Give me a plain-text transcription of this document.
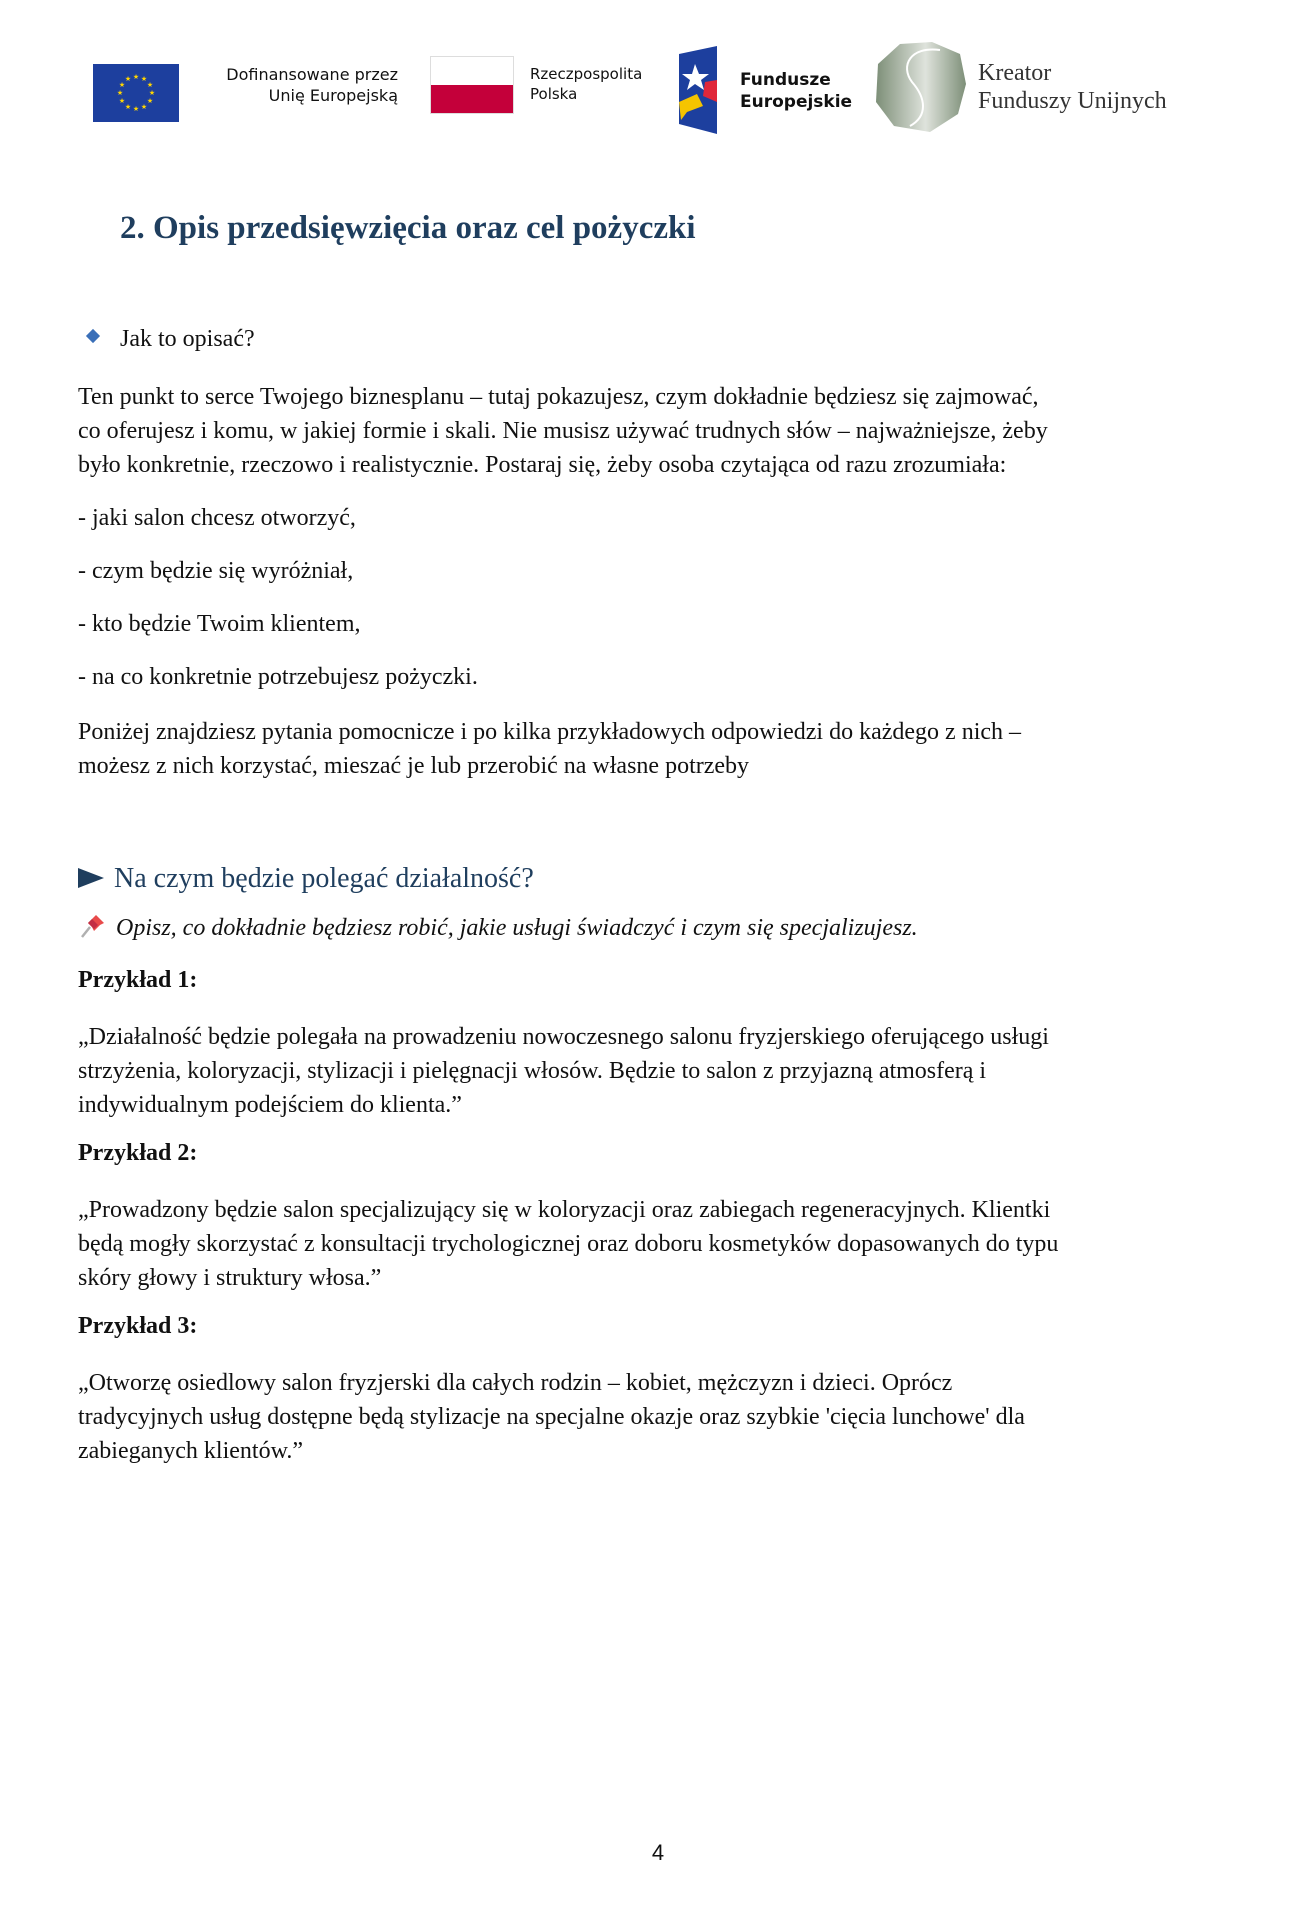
★ ★
★
★
★
★
★
★
★
★
★
★	Dofinansowane przez
Unię Europejską
Rzeczpospolita
Polska
Fundusze
Europejskie
Kreator
Funduszy Unijnych
2. Opis przedsięwzięcia oraz cel pożyczki
Jak to opisać?
Ten punkt to serce Twojego biznesplanu – tutaj pokazujesz, czym dokładnie będziesz się zajmować,
co oferujesz i komu, w jakiej formie i skali. Nie musisz używać trudnych słów – najważniejsze, żeby
było konkretnie, rzeczowo i realistycznie. Postaraj się, żeby osoba czytająca od razu zrozumiała:
- jaki salon chcesz otworzyć,
- czym będzie się wyróżniał,
- kto będzie Twoim klientem,
- na co konkretnie potrzebujesz pożyczki.
Poniżej znajdziesz pytania pomocnicze i po kilka przykładowych odpowiedzi do każdego z nich –
możesz z nich korzystać, mieszać je lub przerobić na własne potrzeby
Na czym będzie polegać działalność?
Opisz, co dokładnie będziesz robić, jakie usługi świadczyć i czym się specjalizujesz.
Przykład 1:
„Działalność będzie polegała na prowadzeniu nowoczesnego salonu fryzjerskiego oferującego usługi
strzyżenia, koloryzacji, stylizacji i pielęgnacji włosów. Będzie to salon z przyjazną atmosferą i
indywidualnym podejściem do klienta.”
Przykład 2:
„Prowadzony będzie salon specjalizujący się w koloryzacji oraz zabiegach regeneracyjnych. Klientki
będą mogły skorzystać z konsultacji trychologicznej oraz doboru kosmetyków dopasowanych do typu
skóry głowy i struktury włosa.”
Przykład 3:
„Otworzę osiedlowy salon fryzjerski dla całych rodzin – kobiet, mężczyzn i dzieci. Oprócz
tradycyjnych usług dostępne będą stylizacje na specjalne okazje oraz szybkie 'cięcia lunchowe' dla
zabieganych klientów.”
4
